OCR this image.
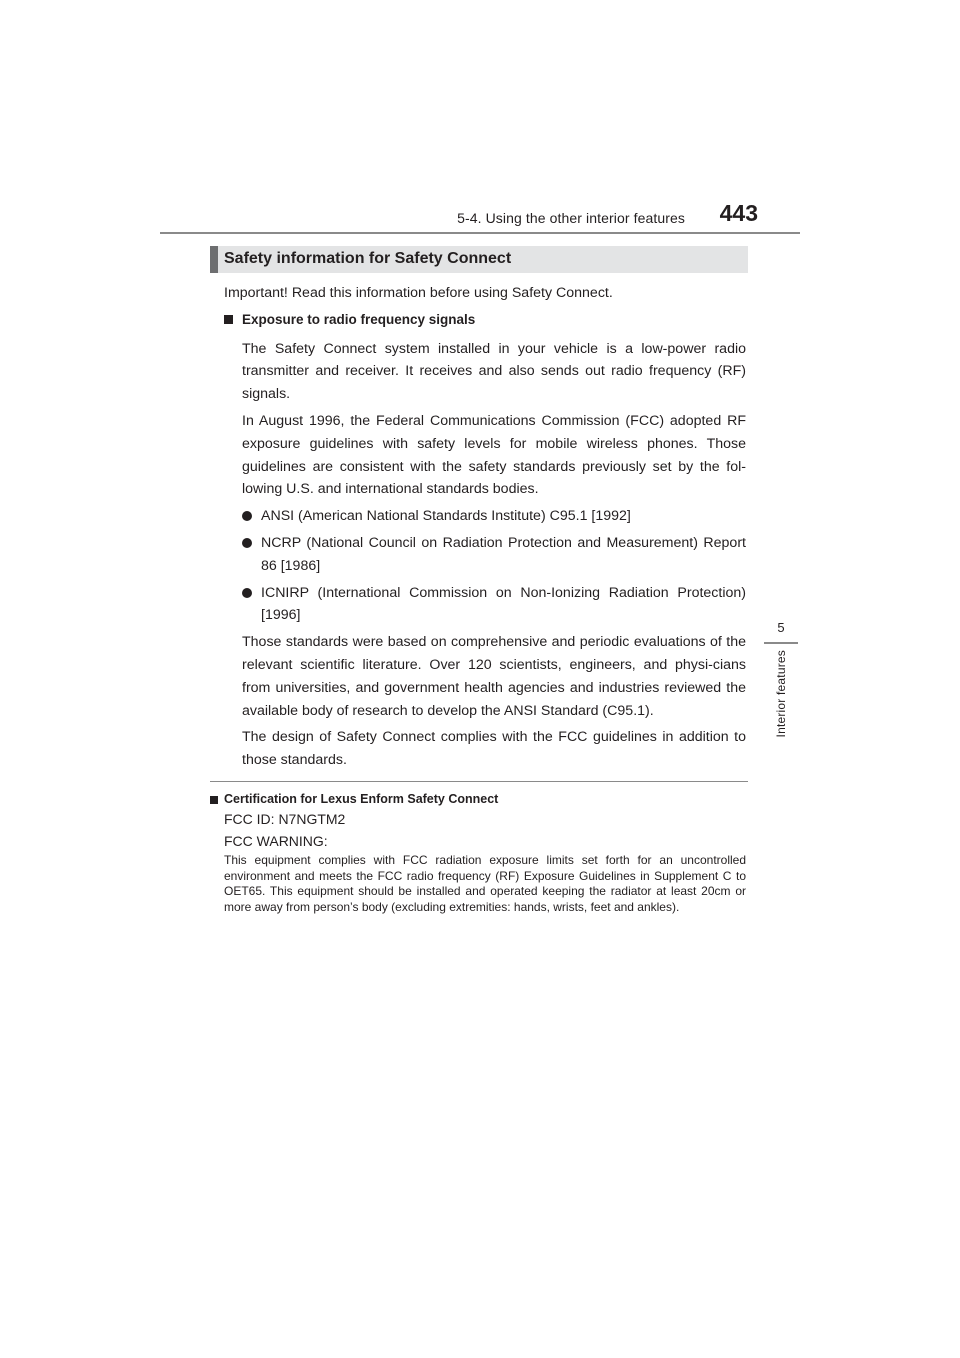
5-4. Using the other interior features 443
5
Interior features
Safety information for Safety Connect

Important! Read this information before using Safety Connect.

Exposure to radio frequency signals

The Safety Connect system installed in your vehicle is a low-power radio transmitter and receiver. It receives and also sends out radio frequency (RF) signals.

In August 1996, the Federal Communications Commission (FCC) adopted RF exposure guidelines with safety levels for mobile wireless phones. Those guidelines are consistent with the safety standards previously set by the fol-lowing U.S. and international standards bodies.

ANSI (American National Standards Institute) C95.1 [1992]

NCRP (National Council on Radiation Protection and Measurement) Report 86 [1986]

ICNIRP (International Commission on Non-Ionizing Radiation Protection) [1996]

Those standards were based on comprehensive and periodic evaluations of the relevant scientific literature. Over 120 scientists, engineers, and physi-cians from universities, and government health agencies and industries reviewed the available body of research to develop the ANSI Standard (C95.1).

The design of Safety Connect complies with the FCC guidelines in addition to those standards.

Certification for Lexus Enform Safety Connect

FCC ID: N7NGTM2

FCC WARNING:

This equipment complies with FCC radiation exposure limits set forth for an uncontrolled environment and meets the FCC radio frequency (RF) Exposure Guidelines in Supplement C to OET65. This equipment should be installed and operated keeping the radiator at least 20cm or more away from person’s body (excluding extremities: hands, wrists, feet and ankles).
